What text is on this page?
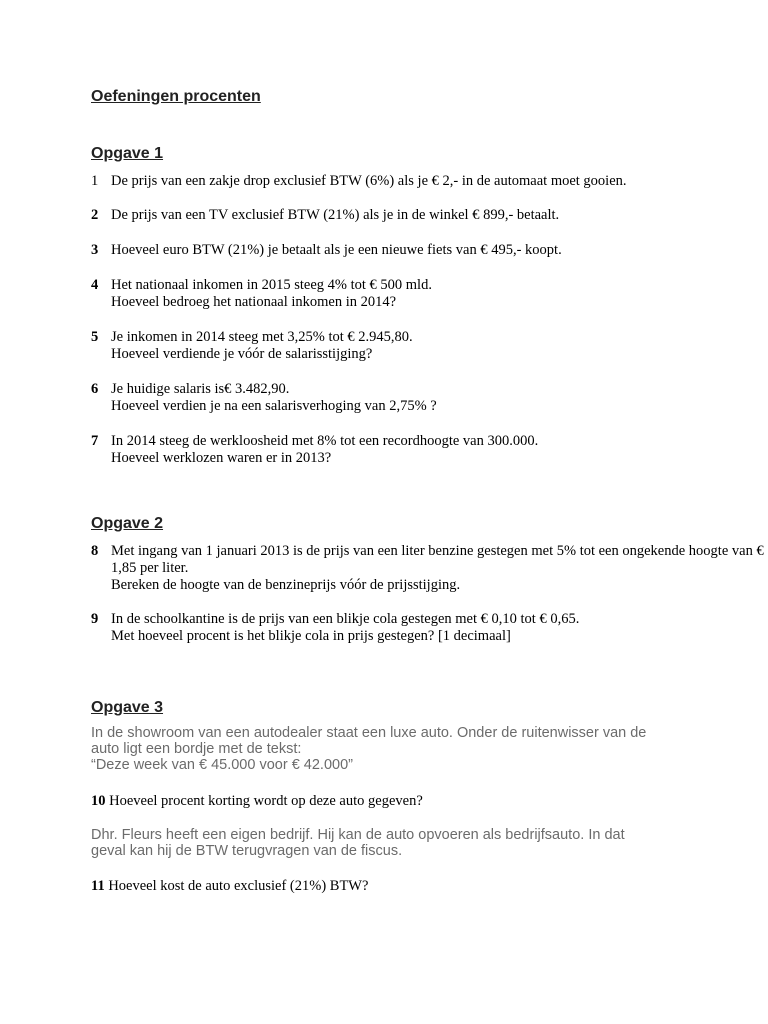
Oefeningen procenten
Opgave 1
1 De prijs van een zakje drop exclusief BTW (6%) als je € 2,- in de automaat moet gooien.
2 De prijs van een TV exclusief BTW (21%) als je in de winkel € 899,- betaalt.
3 Hoeveel euro BTW (21%) je betaalt als je een nieuwe fiets van € 495,- koopt.
4 Het nationaal inkomen in 2015 steeg 4% tot € 500 mld.
Hoeveel bedroeg het nationaal inkomen in 2014?
5 Je inkomen in 2014 steeg met 3,25% tot € 2.945,80.
Hoeveel verdiende je vóór de salarisstijging?
6 Je huidige salaris is€ 3.482,90.
Hoeveel verdien je na een salarisverhoging van 2,75% ?
7 In 2014 steeg de werkloosheid met 8% tot een recordhoogte van 300.000.
Hoeveel werklozen waren er in 2013?
Opgave 2
8 Met ingang van 1 januari 2013 is de prijs van een liter benzine gestegen met 5% tot een ongekende hoogte van €
1,85 per liter.
Bereken de hoogte van de benzineprijs vóór de prijsstijging.
9 In de schoolkantine is de prijs van een blikje cola gestegen met € 0,10 tot € 0,65.
Met hoeveel procent is het blikje cola in prijs gestegen? [1 decimaal]
Opgave 3
In de showroom van een autodealer staat een luxe auto. Onder de ruitenwisser van de
auto ligt een bordje met de tekst:
“Deze week van € 45.000 voor € 42.000”
10 Hoeveel procent korting wordt op deze auto gegeven?
Dhr. Fleurs heeft een eigen bedrijf. Hij kan de auto opvoeren als bedrijfsauto. In dat
geval kan hij de BTW terugvragen van de fiscus.
11 Hoeveel kost de auto exclusief (21%) BTW?
